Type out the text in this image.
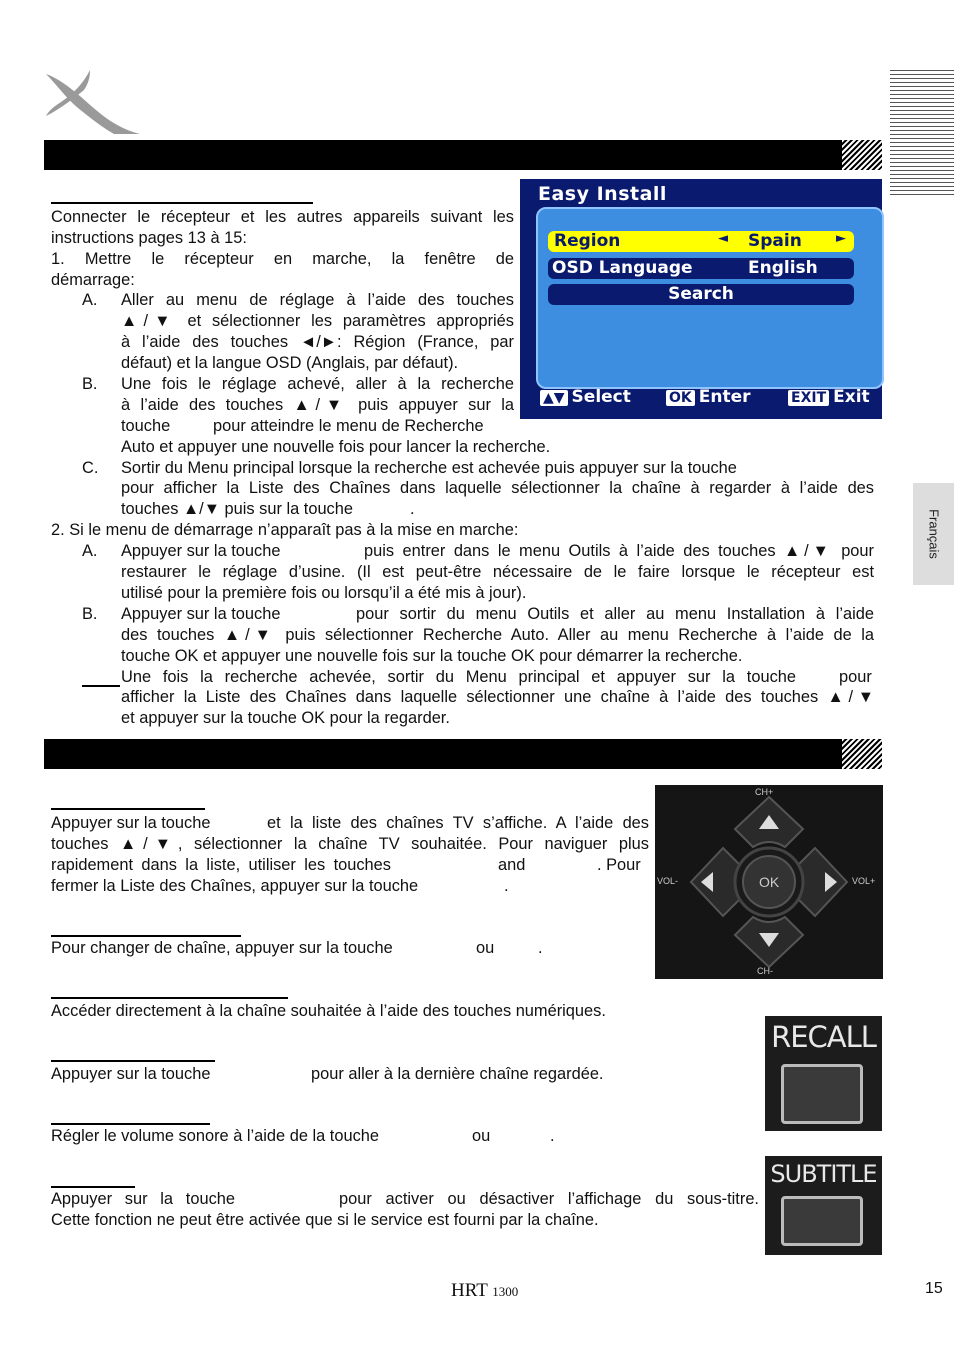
Français
Connecter le récepteur et les autres appareils suivant les
instructions pages 13 à 15:
1. Mettre le récepteur en marche, la fenêtre de
démarrage:
A. Aller au menu de réglage à l’aide des touches
▲/▼ et sélectionner les paramètres appropriés
à l’aide des touches ◄/►: Région (France, par
défaut) et la langue OSD (Anglais, par défaut).
B. Une fois le réglage achevé, aller à la recherche
à l’aide des touches ▲/▼ puis appuyer sur la
touche	pour atteindre le menu de Recherche
Auto et appuyer une nouvelle fois pour lancer la recherche.
C. Sortir du Menu principal lorsque la recherche est achevée puis appuyer sur la touche
pour afficher la Liste des Chaînes dans laquelle sélectionner la chaîne à regarder à l’aide des
touches ▲/▼ puis sur la touche	.
2. Si le menu de démarrage n’apparaît pas à la mise en marche:
A. Appuyer sur la touche	puis entrer dans le menu Outils à l’aide des touches ▲/▼ pour
restaurer le réglage d’usine. (Il est peut-être nécessaire de le faire lorsque le récepteur est
utilisé pour la première fois ou lorsqu’il a été mis à jour).
B. Appuyer sur la touche	pour sortir du menu Outils et aller au menu Installation à l’aide
des touches ▲/▼ puis sélectionner Recherche Auto. Aller au menu Recherche à l’aide de la
touche OK et appuyer une nouvelle fois sur la touche OK pour démarrer la recherche.
Une fois la recherche achevée, sortir du Menu principal et appuyer sur la touche	pour
afficher la Liste des Chaînes dans laquelle sélectionner une chaîne à l’aide des touches ▲/▼
et appuyer sur la touche OK pour la regarder.
Easy Install
Region	◄ Spain	►
OSD Language	English
Search
▲▼ Select	OK Enter	EXIT Exit
Appuyer sur la touche	et la liste des chaînes TV s’affiche. A l’aide des
touches ▲/▼, sélectionner la chaîne TV souhaitée. Pour naviguer plus
rapidement dans la liste, utiliser les touches	and	. Pour
fermer la Liste des Chaînes, appuyer sur la touche	.
Pour changer de chaîne, appuyer sur la touche	ou	.
Accéder directement à la chaîne souhaitée à l’aide des touches numériques.
Appuyer sur la touche	pour aller à la dernière chaîne regardée.
Régler le volume sonore à l’aide de la touche	ou	.
Appuyer sur la touche	pour activer ou désactiver l’affichage du sous-titre.
Cette fonction ne peut être activée que si le service est fourni par la chaîne.
CH+
CH-
VOL-	VOL+
OK
RECALL
SUBTITLE
HRT 1300	15
